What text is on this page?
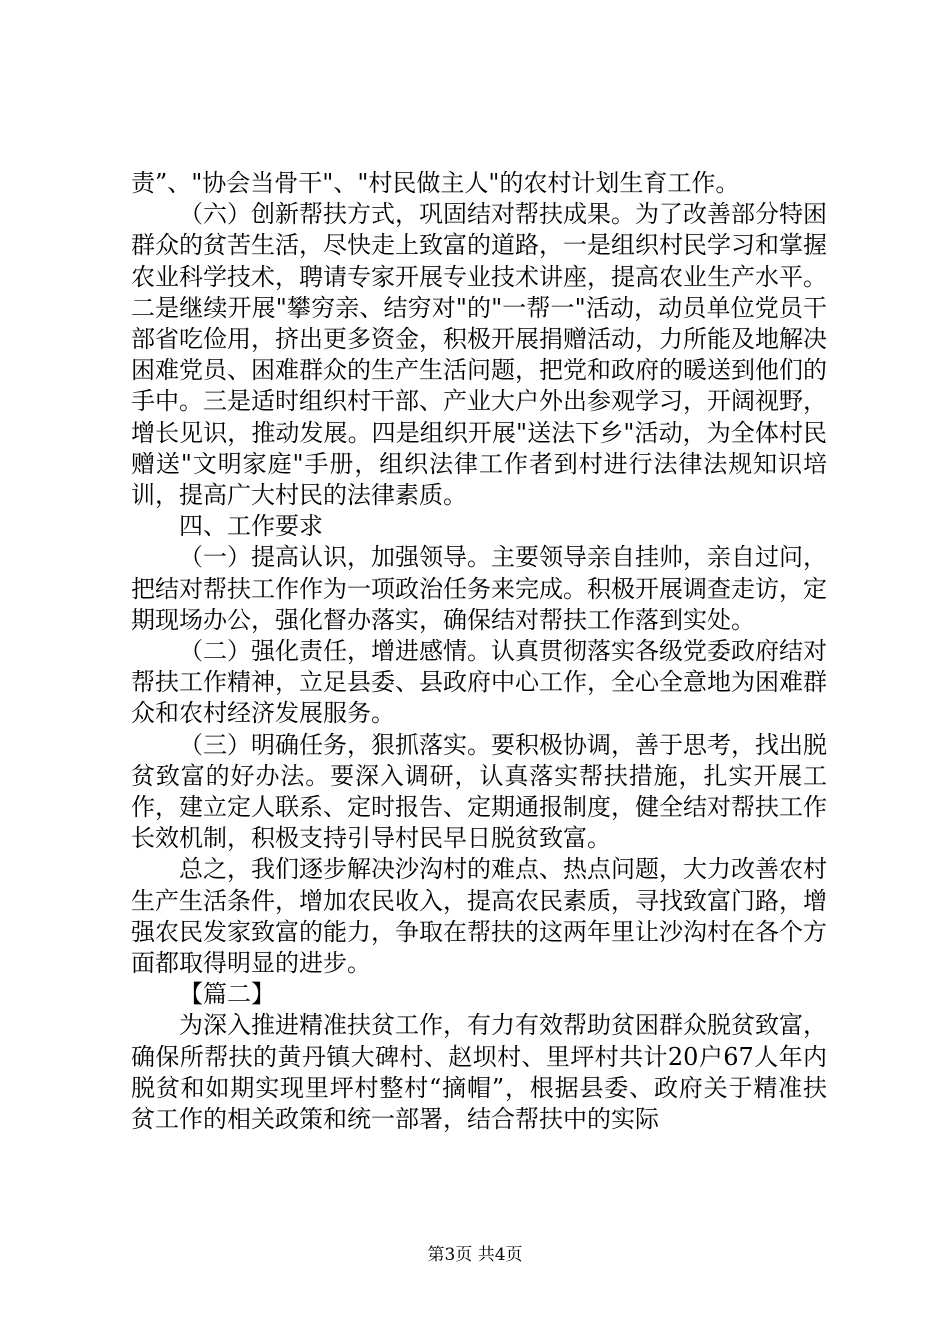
责”、"协会当骨干"、"村民做主人"的农村计划生育工作。

（六）创新帮扶方式，巩固结对帮扶成果。为了改善部分特困群众的贫苦生活，尽快走上致富的道路，一是组织村民学习和掌握农业科学技术，聘请专家开展专业技术讲座，提高农业生产水平。二是继续开展"攀穷亲、结穷对"的"一帮一"活动，动员单位党员干部省吃俭用，挤出更多资金，积极开展捐赠活动，力所能及地解决困难党员、困难群众的生产生活问题，把党和政府的暖送到他们的手中。三是适时组织村干部、产业大户外出参观学习，开阔视野，增长见识，推动发展。四是组织开展"送法下乡"活动，为全体村民赠送"文明家庭"手册，组织法律工作者到村进行法律法规知识培训，提高广大村民的法律素质。

四、工作要求

（一）提高认识，加强领导。主要领导亲自挂帅，亲自过问，把结对帮扶工作作为一项政治任务来完成。积极开展调查走访，定期现场办公，强化督办落实，确保结对帮扶工作落到实处。

（二）强化责任，增进感情。认真贯彻落实各级党委政府结对帮扶工作精神，立足县委、县政府中心工作，全心全意地为困难群众和农村经济发展服务。

（三）明确任务，狠抓落实。要积极协调，善于思考，找出脱贫致富的好办法。要深入调研，认真落实帮扶措施，扎实开展工作，建立定人联系、定时报告、定期通报制度，健全结对帮扶工作长效机制，积极支持引导村民早日脱贫致富。

总之，我们逐步解决沙沟村的难点、热点问题，大力改善农村生产生活条件，增加农民收入，提高农民素质，寻找致富门路，增强农民发家致富的能力，争取在帮扶的这两年里让沙沟村在各个方面都取得明显的进步。

【篇二】

为深入推进精准扶贫工作，有力有效帮助贫困群众脱贫致富，确保所帮扶的黄丹镇大碑村、赵坝村、里坪村共计20户67人年内脱贫和如期实现里坪村整村“摘帽”，根据县委、政府关于精准扶贫工作的相关政策和统一部署，结合帮扶中的实际

第3页 共4页
